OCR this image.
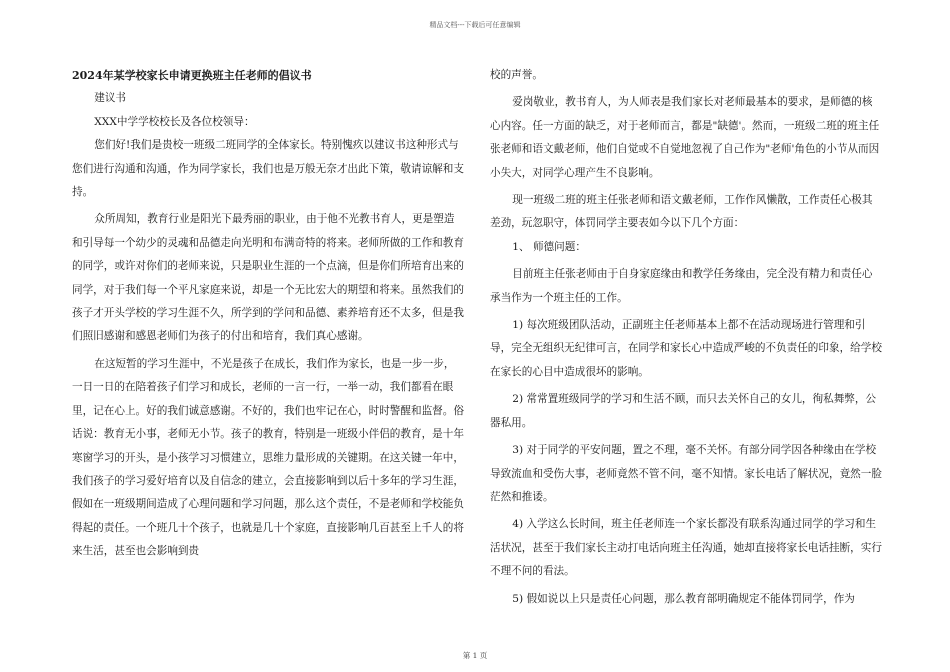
精品文档---下载后可任意编辑

2024年某学校家长申请更换班主任老师的倡议书

建议书

XXX中学学校校长及各位校领导：

您们好!我们是贵校一班级二班同学的全体家长。特别愧疚以建议书这种形式与您们进行沟通和沟通，作为同学家长，我们也是万般无奈才出此下策，敬请谅解和支持。

众所周知，教育行业是阳光下最秀丽的职业，由于他不光教书育人，更是塑造和引导每一个幼少的灵魂和品德走向光明和布满奇特的将来。老师所做的工作和教育的同学，或许对你们的老师来说，只是职业生涯的一个点滴，但是你们所培育出来的同学，对于我们每一个平凡家庭来说，却是一个无比宏大的期望和将来。虽然我们的孩子才开头学校的学习生涯不久，所学到的学问和品德、素养培育还不太多，但是我们照旧感谢和感恩老师们为孩子的付出和培育，我们真心感谢。

在这短暂的学习生涯中，不光是孩子在成长，我们作为家长，也是一步一步，一日一日的在陪着孩子们学习和成长，老师的一言一行，一举一动，我们都看在眼里，记在心上。好的我们诚意感谢。不好的，我们也牢记在心，时时警醒和监督。俗话说：教育无小事，老师无小节。孩子的教育，特别是一班级小伴侣的教育，是十年寒窗学习的开头，是小孩学习习惯建立，思维力量形成的关键期。在这关键一年中，我们孩子的学习爱好培育以及自信念的建立，会直接影响到以后十多年的学习生涯，假如在一班级期间造成了心理问题和学习问题，那么这个责任，不是老师和学校能负得起的责任。一个班几十个孩子，也就是几十个家庭，直接影响几百甚至上千人的将来生活，甚至也会影响到贵

校的声誉。

爱岗敬业，教书育人，为人师表是我们家长对老师最基本的要求，是师德的核心内容。任一方面的缺乏，对于老师而言，都是"缺德'。然而，一班级二班的班主任张老师和语文戴老师，他们自觉或不自觉地忽视了自己作为"老师'角色的小节从而因小失大，对同学心理产生不良影响。

现一班级二班的班主任张老师和语文戴老师，工作作风懒散，工作责任心极其差劲，玩忽职守，体罚同学主要表如今以下几个方面：

1、 师德问题：

目前班主任张老师由于自身家庭缘由和教学任务缘由，完全没有精力和责任心承当作为一个班主任的工作。

1) 每次班级团队活动，正副班主任老师基本上都不在活动现场进行管理和引导，完全无组织无纪律可言，在同学和家长心中造成严峻的不负责任的印象，给学校在家长的心目中造成很坏的影响。

2) 常常置班级同学的学习和生活不顾，而只去关怀自己的女儿，徇私舞弊，公器私用。

3) 对于同学的平安问题，置之不理，毫不关怀。有部分同学因各种缘由在学校导致流血和受伤大事，老师竟然不管不问，毫不知情。家长电话了解状况，竟然一脸茫然和推诿。

4) 入学这么长时间，班主任老师连一个家长都没有联系沟通过同学的学习和生活状况，甚至于我们家长主动打电话向班主任沟通，她却直接将家长电话挂断，实行不理不问的看法。

5) 假如说以上只是责任心问题，那么教育部明确规定不能体罚同学，作为

第 1 页
